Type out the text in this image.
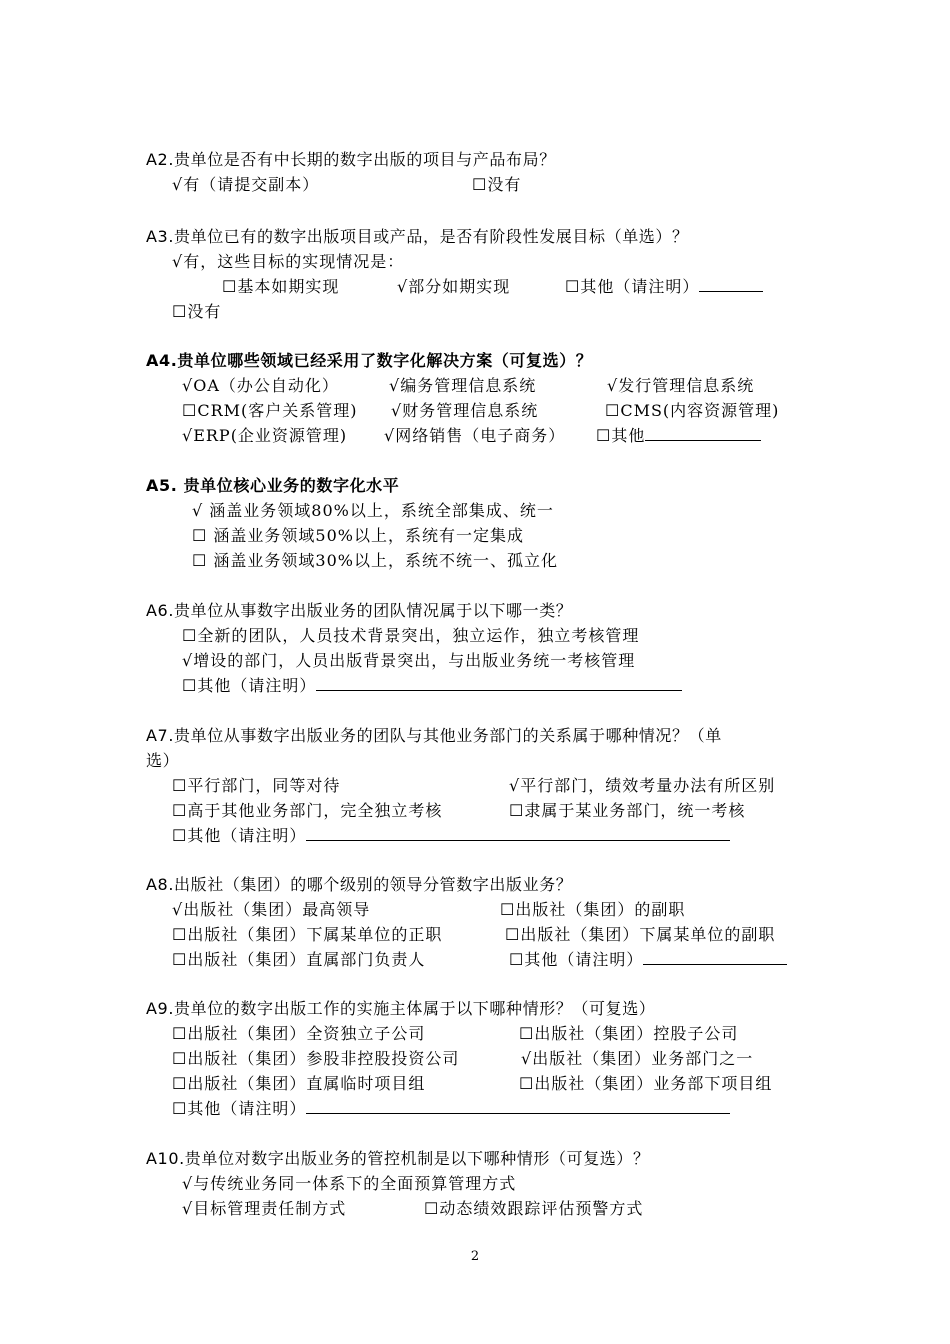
A2.贵单位是否有中长期的数字出版的项目与产品布局？
√有（请提交副本）	☐没有
A3.贵单位已有的数字出版项目或产品，是否有阶段性发展目标（单选）？
√有，这些目标的实现情况是：
☐基本如期实现	√部分如期实现	☐其他（请注明）
☐没有
A4.贵单位哪些领域已经采用了数字化解决方案（可复选）？
√OA（办公自动化）	√编务管理信息系统	√发行管理信息系统
☐CRM(客户关系管理) √财务管理信息系统	☐CMS(内容资源管理)
√ERP(企业资源管理) √网络销售（电子商务） ☐其他
A5. 贵单位核心业务的数字化水平
√ 涵盖业务领域80%以上，系统全部集成、统一
☐ 涵盖业务领域50%以上，系统有一定集成
☐ 涵盖业务领域30%以上，系统不统一、孤立化
A6.贵单位从事数字出版业务的团队情况属于以下哪一类？
☐全新的团队，人员技术背景突出，独立运作，独立考核管理
√增设的部门，人员出版背景突出，与出版业务统一考核管理
☐其他（请注明）
A7.贵单位从事数字出版业务的团队与其他业务部门的关系属于哪种情况？（单
选）
☐平行部门，同等对待	√平行部门，绩效考量办法有所区别
☐高于其他业务部门，完全独立考核	☐隶属于某业务部门，统一考核
☐其他（请注明）
A8.出版社（集团）的哪个级别的领导分管数字出版业务？
√出版社（集团）最高领导	☐出版社（集团）的副职
☐出版社（集团）下属某单位的正职	☐出版社（集团）下属某单位的副职
☐出版社（集团）直属部门负责人	☐其他（请注明）
A9.贵单位的数字出版工作的实施主体属于以下哪种情形？（可复选）
☐出版社（集团）全资独立子公司	☐出版社（集团）控股子公司
☐出版社（集团）参股非控股投资公司	√出版社（集团）业务部门之一
☐出版社（集团）直属临时项目组	☐出版社（集团）业务部下项目组
☐其他（请注明）
A10.贵单位对数字出版业务的管控机制是以下哪种情形（可复选）？
√与传统业务同一体系下的全面预算管理方式
√目标管理责任制方式	☐动态绩效跟踪评估预警方式
2
